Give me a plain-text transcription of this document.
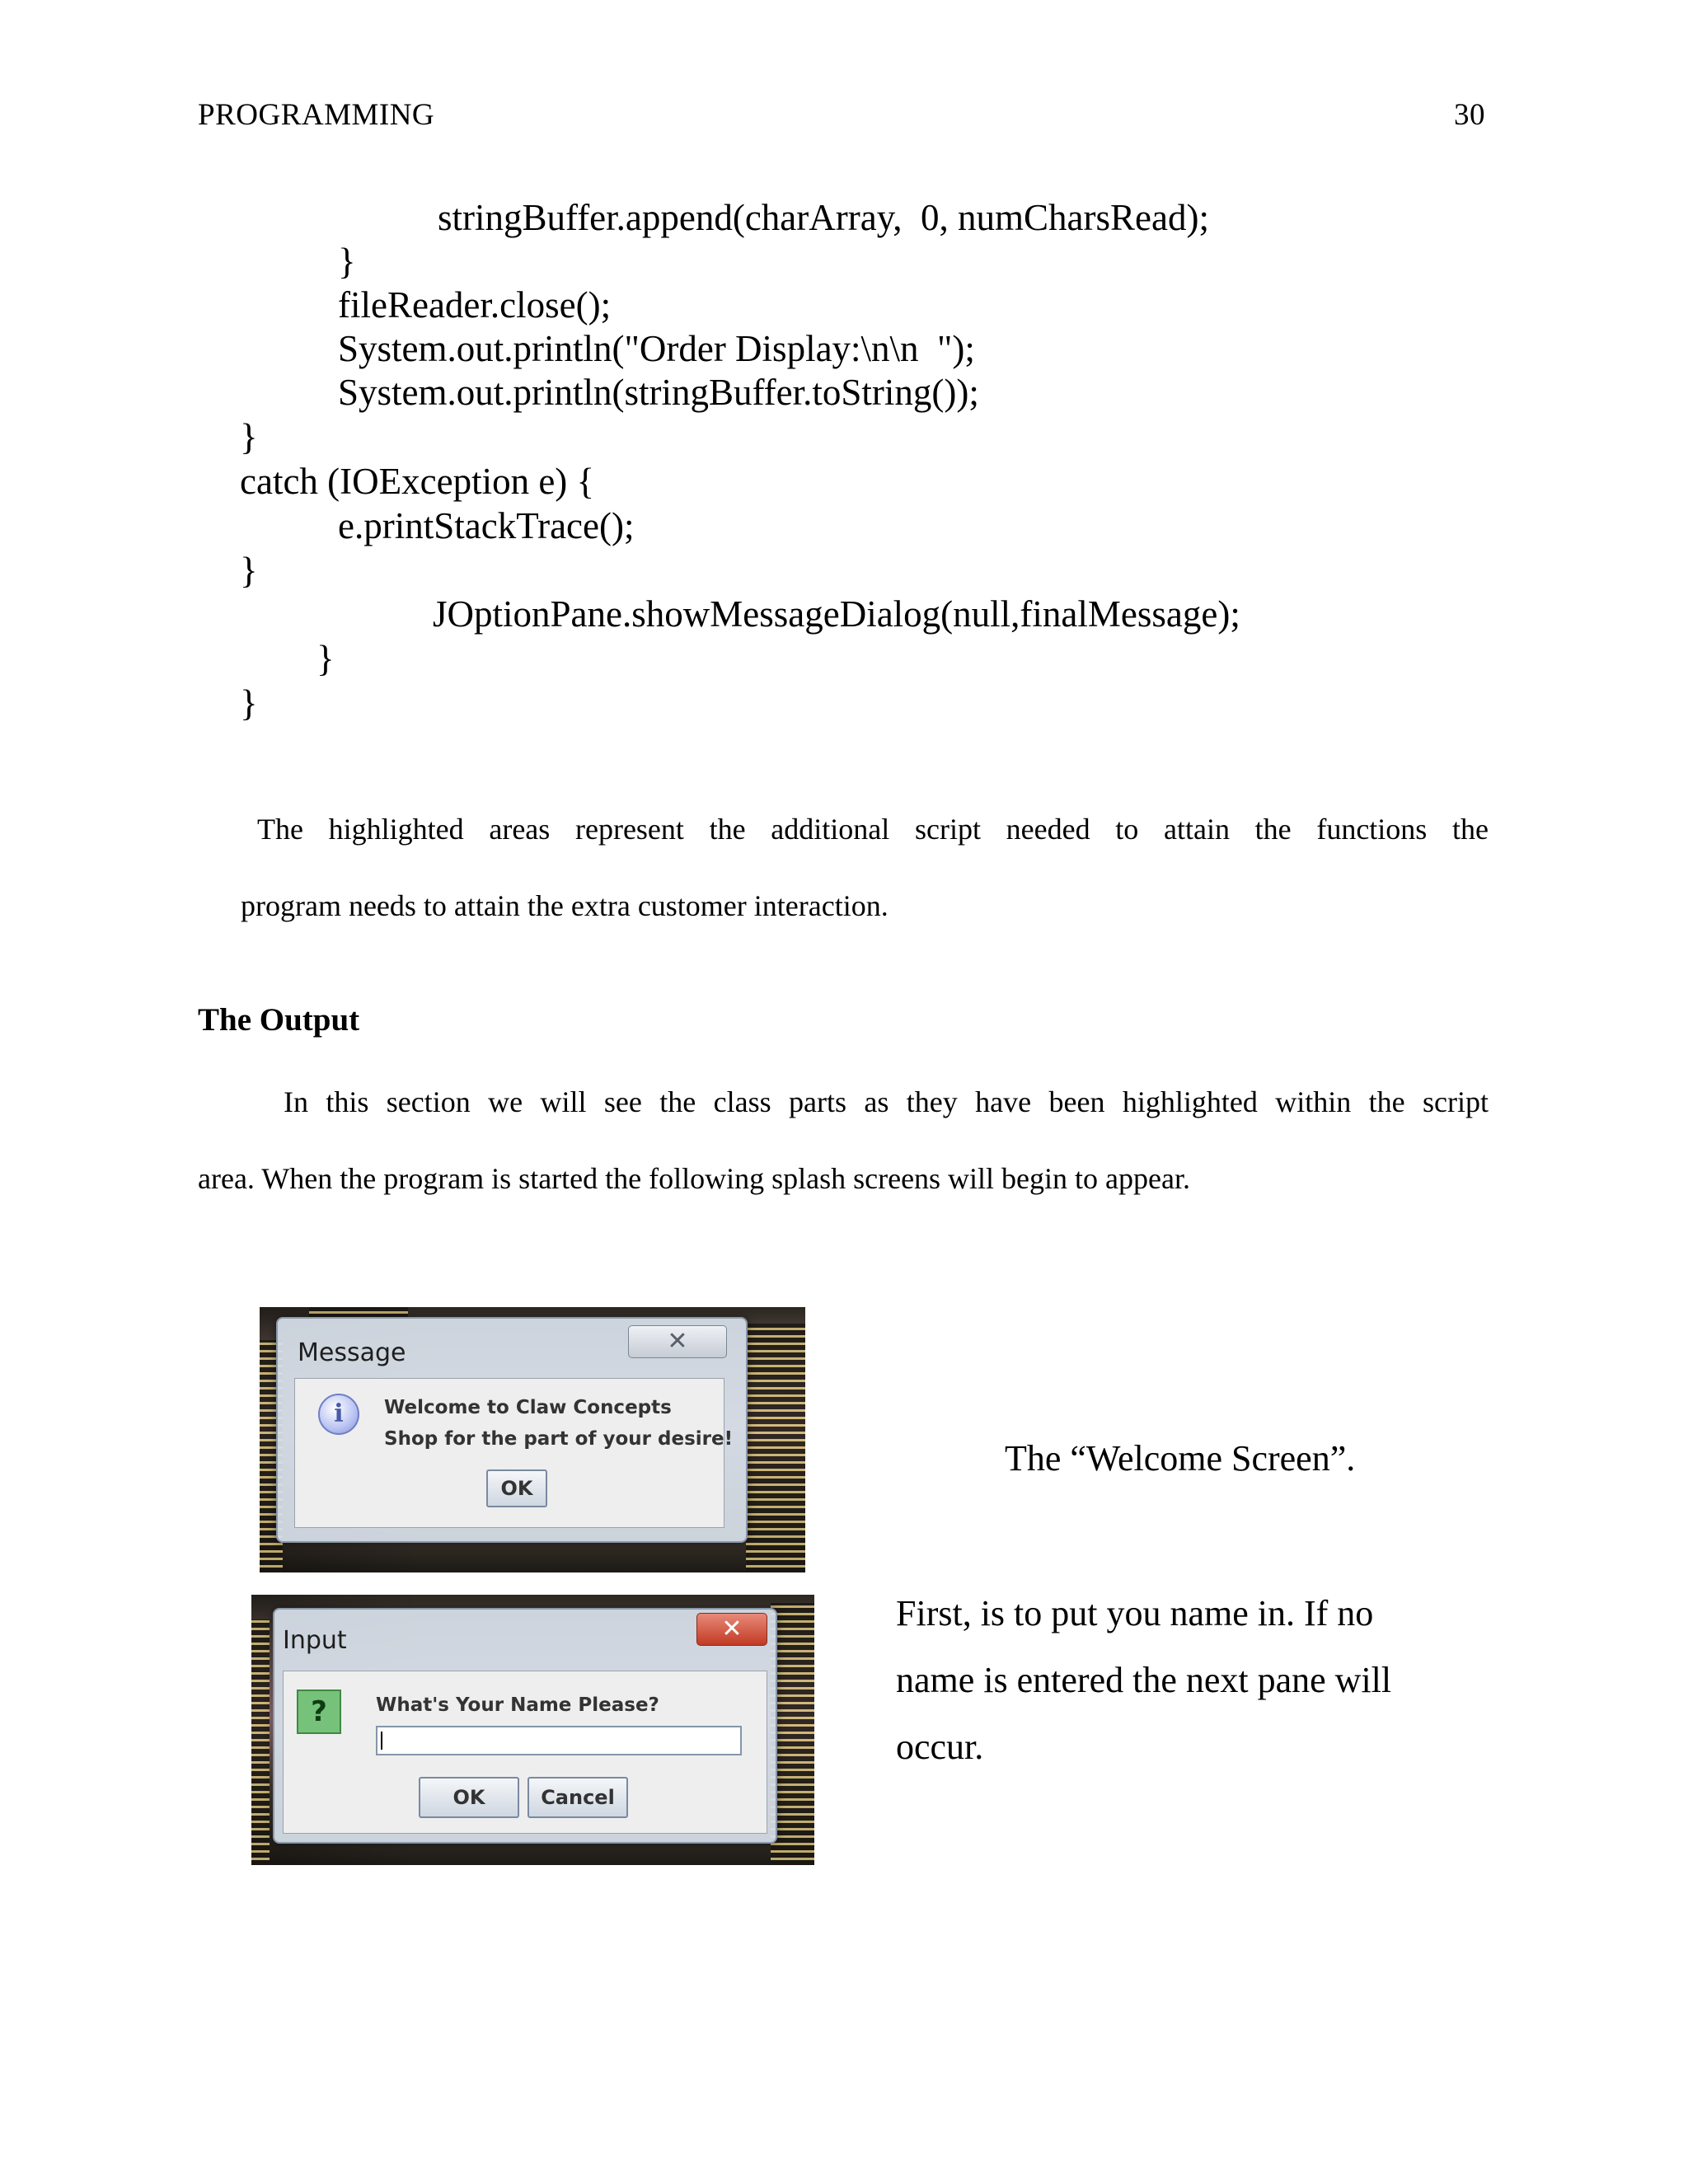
PROGRAMMING	30
stringBuffer.append(charArray,  0, numCharsRead);
}
fileReader.close();
System.out.println("Order Display:\n\n  ");
System.out.println(stringBuffer.toString());
}
catch (IOException e) {
e.printStackTrace();
}
JOptionPane.showMessageDialog(null,finalMessage);
}
}
The highlighted areas represent the additional script needed to attain the functions the
program needs to attain the extra customer interaction.
The Output
In this section we will see the class parts as they have been highlighted within the script
area. When the program is started the following splash screens will begin to appear.
Message	✕
i	Welcome to Claw Concepts
Shop for the part of your desire!
OK
The “Welcome Screen”.
Input	✕
?	What's Your Name Please?
OK	Cancel
First, is to put you name in. If no
name is entered the next pane will
occur.
